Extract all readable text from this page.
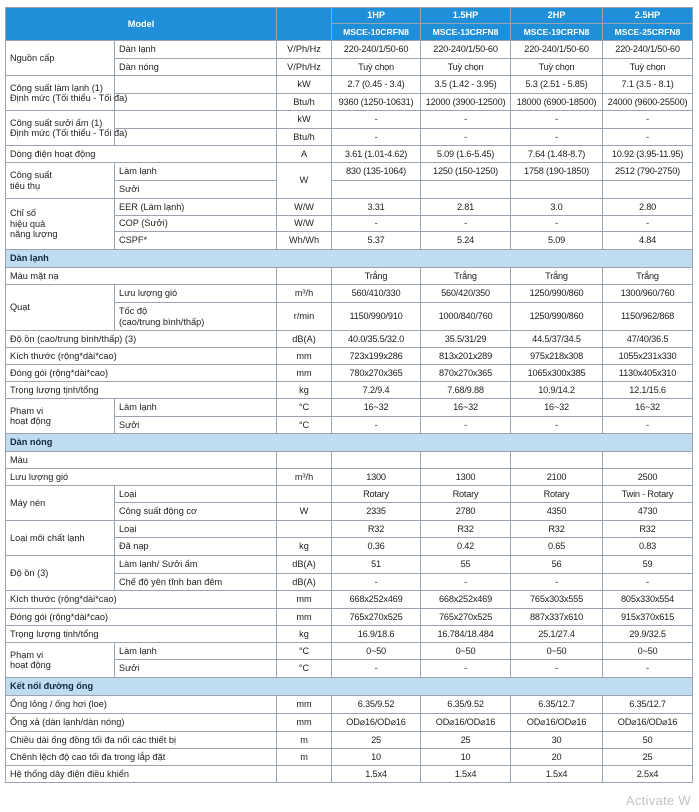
Model			1HP	1.5HP	2HP	2.5HP
			MSCE-10CRFN8	MSCE-13CRFN8	MSCE-19CRFN8	MSCE-25CRFN8
Nguồn cấp	Dàn lạnh	V/Ph/Hz	220-240/1/50-60	220-240/1/50-60	220-240/1/50-60	220-240/1/50-60
	Dàn nóng	V/Ph/Hz	Tuỳ chọn	Tuỳ chọn	Tuỳ chọn	Tuỳ chọn
Công suất làm lạnh (1)
Định mức (Tối thiểu - Tối đa)		kW	2.7 (0.45 - 3.4)	3.5 (1.42 - 3.95)	5.3 (2.51 - 5.85)	7.1 (3.5 - 8.1)
		Btu/h	9360 (1250-10631)	12000 (3900-12500)	18000 (6900-18500)	24000 (9600-25500)
Công suất sưởi ấm (1)
Định mức (Tối thiểu - Tối đa)		kW	-	-	-	-
		Btu/h	-	-	-	-
Dòng điện hoạt động		A	3.61 (1.01-4.62)	5.09 (1.6-5.45)	7.64 (1.48-8.7)	10.92 (3.95-11.95)
Công suất
tiêu thụ	Làm lạnh	W	830 (135-1064)	1250 (150-1250)	1758 (190-1850)	2512 (790-2750)
	Sưởi					
Chỉ số
hiệu quả
năng lượng	EER (Làm lạnh)	W/W	3.31	2.81	3.0	2.80
	COP (Sưởi)	W/W	-	-	-	-
	CSPF*	Wh/Wh	5.37	5.24	5.09	4.84
Dàn lạnh						
Màu mặt nạ			Trắng	Trắng	Trắng	Trắng
Quạt	Lưu lượng gió	m³/h	560/410/330	560/420/350	1250/990/860	1300/960/760
	Tốc độ
(cao/trung bình/thấp)	r/min	1150/990/910	1000/840/760	1250/990/860	1150/962/868
Độ ồn (cao/trung bình/thấp) (3)		dB(A)	40.0/35.5/32.0	35.5/31/29	44.5/37/34.5	47/40/36.5
Kích thước (rộng*dài*cao)		mm	723x199x286	813x201x289	975x218x308	1055x231x330
Đóng gói (rộng*dài*cao)		mm	780x270x365	870x270x365	1065x300x385	1130x405x310
Trọng lượng tịnh/tổng		kg	7.2/9.4	7.68/9.88	10.9/14.2	12.1/15.6
Phạm vi
hoạt động	Làm lạnh	°C	16~32	16~32	16~32	16~32
	Sưởi	°C	-	-	-	-
Dàn nóng						
Màu						
Lưu lượng gió		m³/h	1300	1300	2100	2500
Máy nén	Loại		Rotary	Rotary	Rotary	Twin - Rotary
	Công suất động cơ	W	2335	2780	4350	4730
Loại môi chất lạnh	Loại		R32	R32	R32	R32
	Đã nạp	kg	0.36	0.42	0.65	0.83
Độ ồn (3)	Làm lạnh/ Sưởi ấm	dB(A)	51	55	56	59
	Chế độ yên tĩnh ban đêm	dB(A)	-	-	-	-
Kích thước (rộng*dài*cao)		mm	668x252x469	668x252x469	765x303x555	805x330x554
Đóng gói (rộng*dài*cao)		mm	765x270x525	765x270x525	887x337x610	915x370x615
Trọng lượng tịnh/tổng		kg	16.9/18.6	16.784/18.484	25.1/27.4	29.9/32.5
Phạm vi
hoạt động	Làm lạnh	°C	0~50	0~50	0~50	0~50
	Sưởi	°C	-	-	-	-
Kết nối đường ống						
Ống lỏng / ống hơi (loe)		mm	6.35/9.52	6.35/9.52	6.35/12.7	6.35/12.7
Ống xả (dàn lạnh/dàn nóng)		mm	OD⌀16/OD⌀16	OD⌀16/OD⌀16	OD⌀16/OD⌀16	OD⌀16/OD⌀16
Chiều dài ống đồng tối đa nối các thiết bị		m	25	25	30	50
Chênh lệch độ cao tối đa trong lắp đặt		m	10	10	20	25
Hệ thống dây điện điều khiển			1.5x4	1.5x4	1.5x4	2.5x4
Activate W
